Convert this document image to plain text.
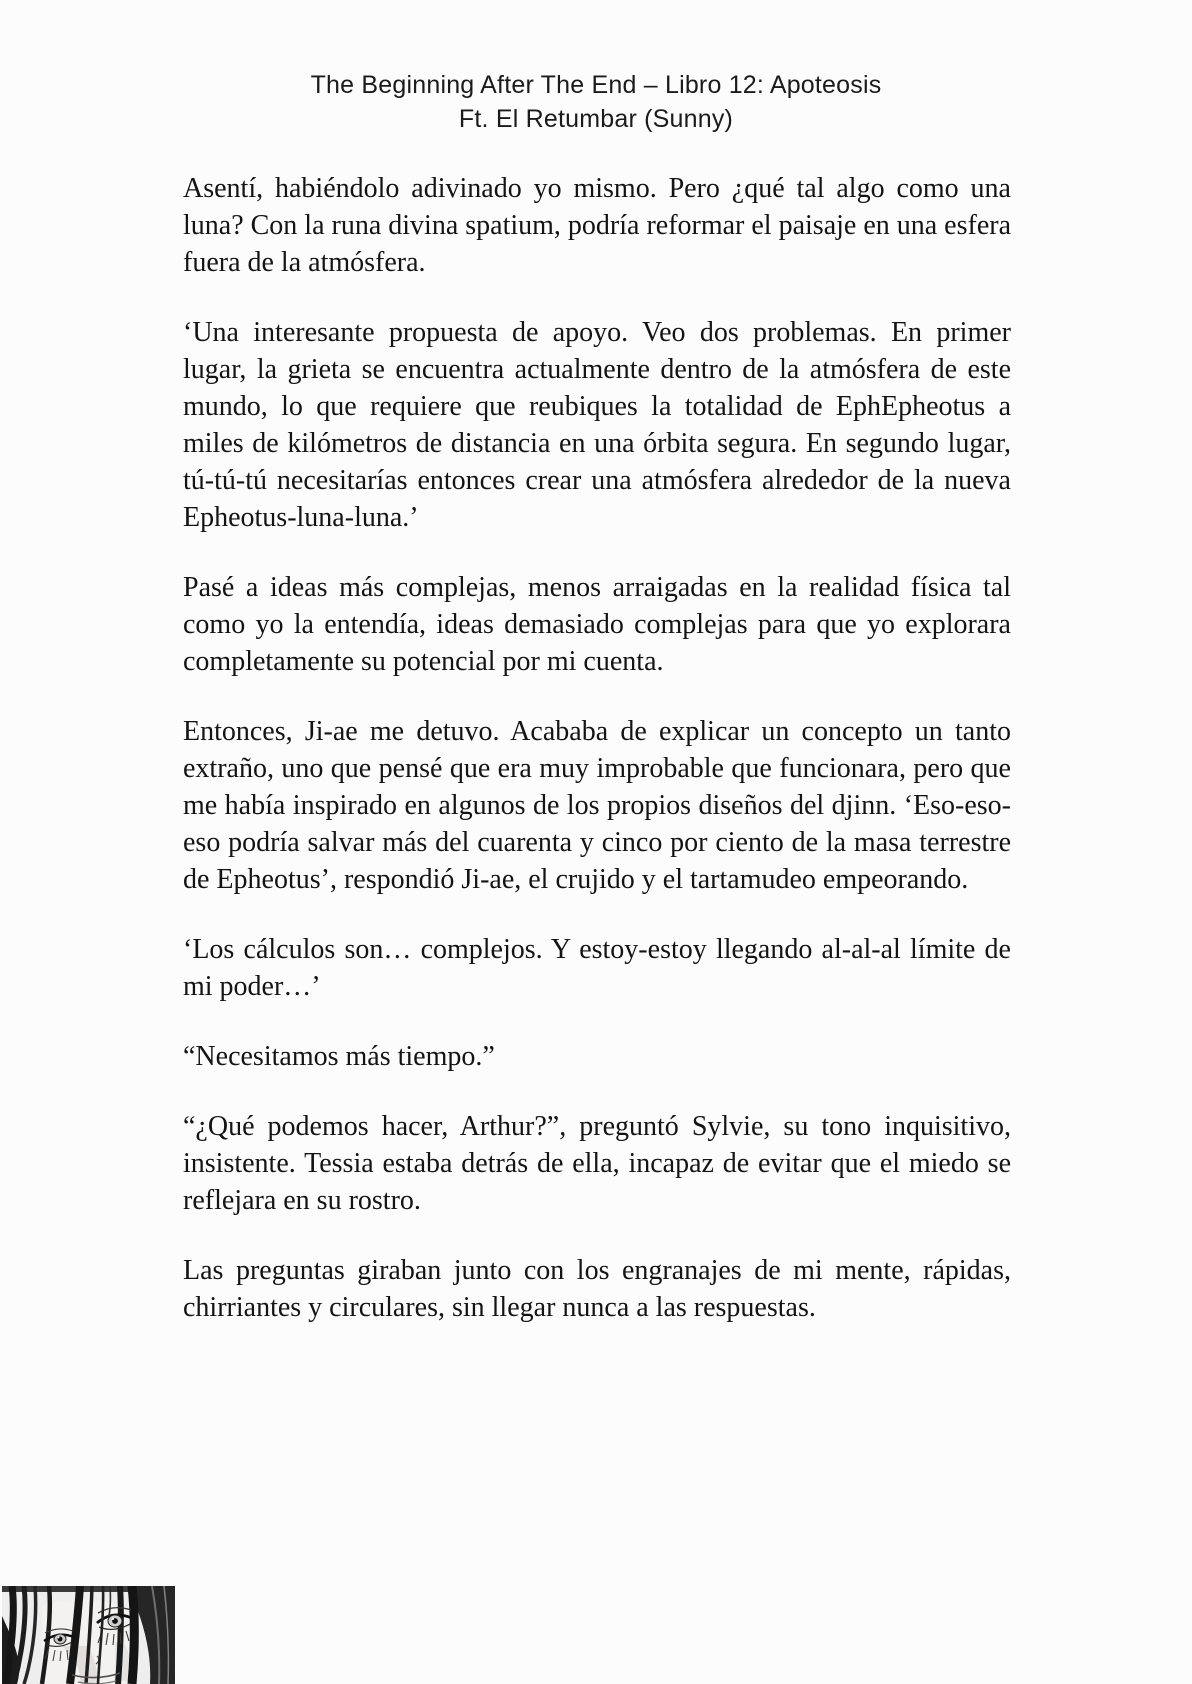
The Beginning After The End – Libro 12: Apoteosis
Ft. El Retumbar (Sunny)

Asentí, habiéndolo adivinado yo mismo. Pero ¿qué tal algo como una luna? Con la runa divina spatium, podría reformar el paisaje en una esfera fuera de la atmósfera.

‘Una interesante propuesta de apoyo. Veo dos problemas. En primer lugar, la grieta se encuentra actualmente dentro de la atmósfera de este mundo, lo que requiere que reubiques la totalidad de EphEpheotus a miles de kilómetros de distancia en una órbita segura. En segundo lugar, tú-tú-tú necesitarías entonces crear una atmósfera alrededor de la nueva Epheotus-luna-luna.’

Pasé a ideas más complejas, menos arraigadas en la realidad física tal como yo la entendía, ideas demasiado complejas para que yo explorara completamente su potencial por mi cuenta.

Entonces, Ji-ae me detuvo. Acababa de explicar un concepto un tanto extraño, uno que pensé que era muy improbable que funcionara, pero que me había inspirado en algunos de los propios diseños del djinn. ‘Eso-eso-eso podría salvar más del cuarenta y cinco por ciento de la masa terrestre de Epheotus’, respondió Ji-ae, el crujido y el tartamudeo empeorando.

‘Los cálculos son… complejos. Y estoy-estoy llegando al-al-al límite de mi poder…’

“Necesitamos más tiempo.”

“¿Qué podemos hacer, Arthur?”, preguntó Sylvie, su tono inquisitivo, insistente. Tessia estaba detrás de ella, incapaz de evitar que el miedo se reflejara en su rostro.

Las preguntas giraban junto con los engranajes de mi mente, rápidas, chirriantes y circulares, sin llegar nunca a las respuestas.
